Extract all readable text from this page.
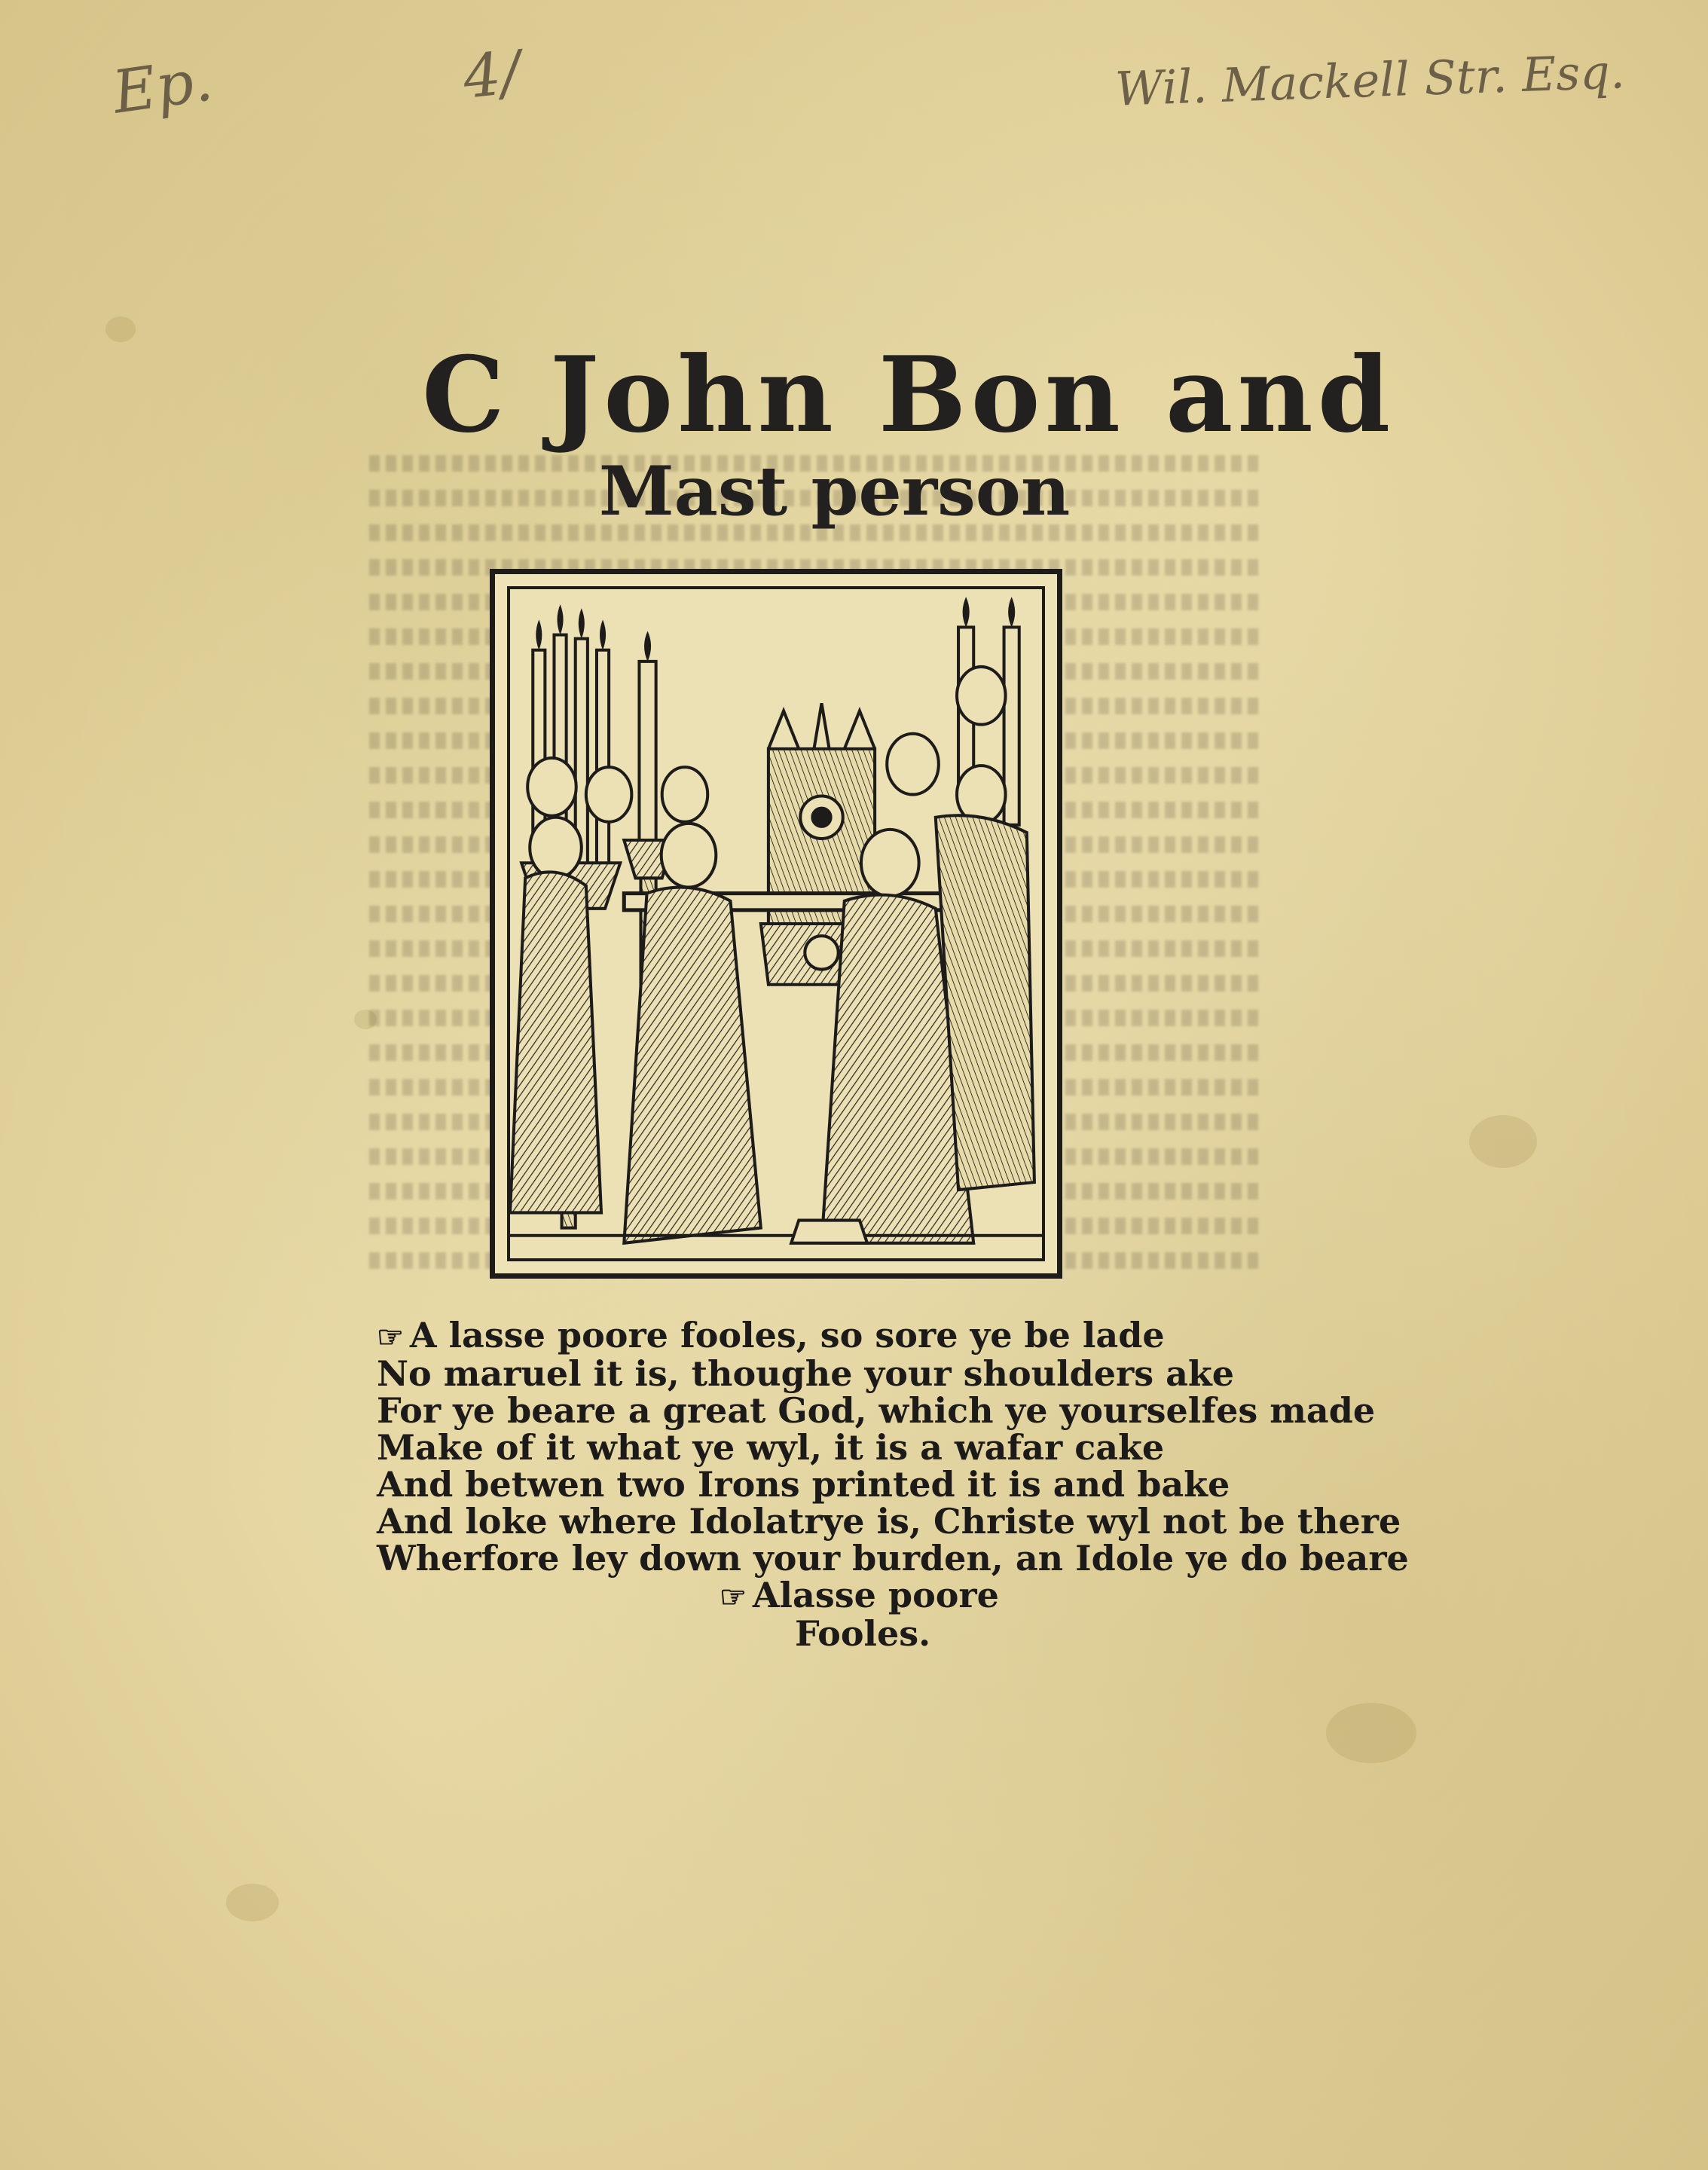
Ep.	4/	Wil. Mackell Str. Esq.
C John Bon and
Mast person
☞ A lasse poore fooles, so sore ye be lade
No maruel it is, thoughe your shoulders ake
For ye beare a great God, which ye yourselfes made
Make of it what ye wyl, it is a wafar cake
And betwen two Irons printed it is and bake
And loke where Idolatrye is, Christe wyl not be there
Wherfore ley down your burden, an Idole ye do beare
☞ Alasse poore
Fooles.
